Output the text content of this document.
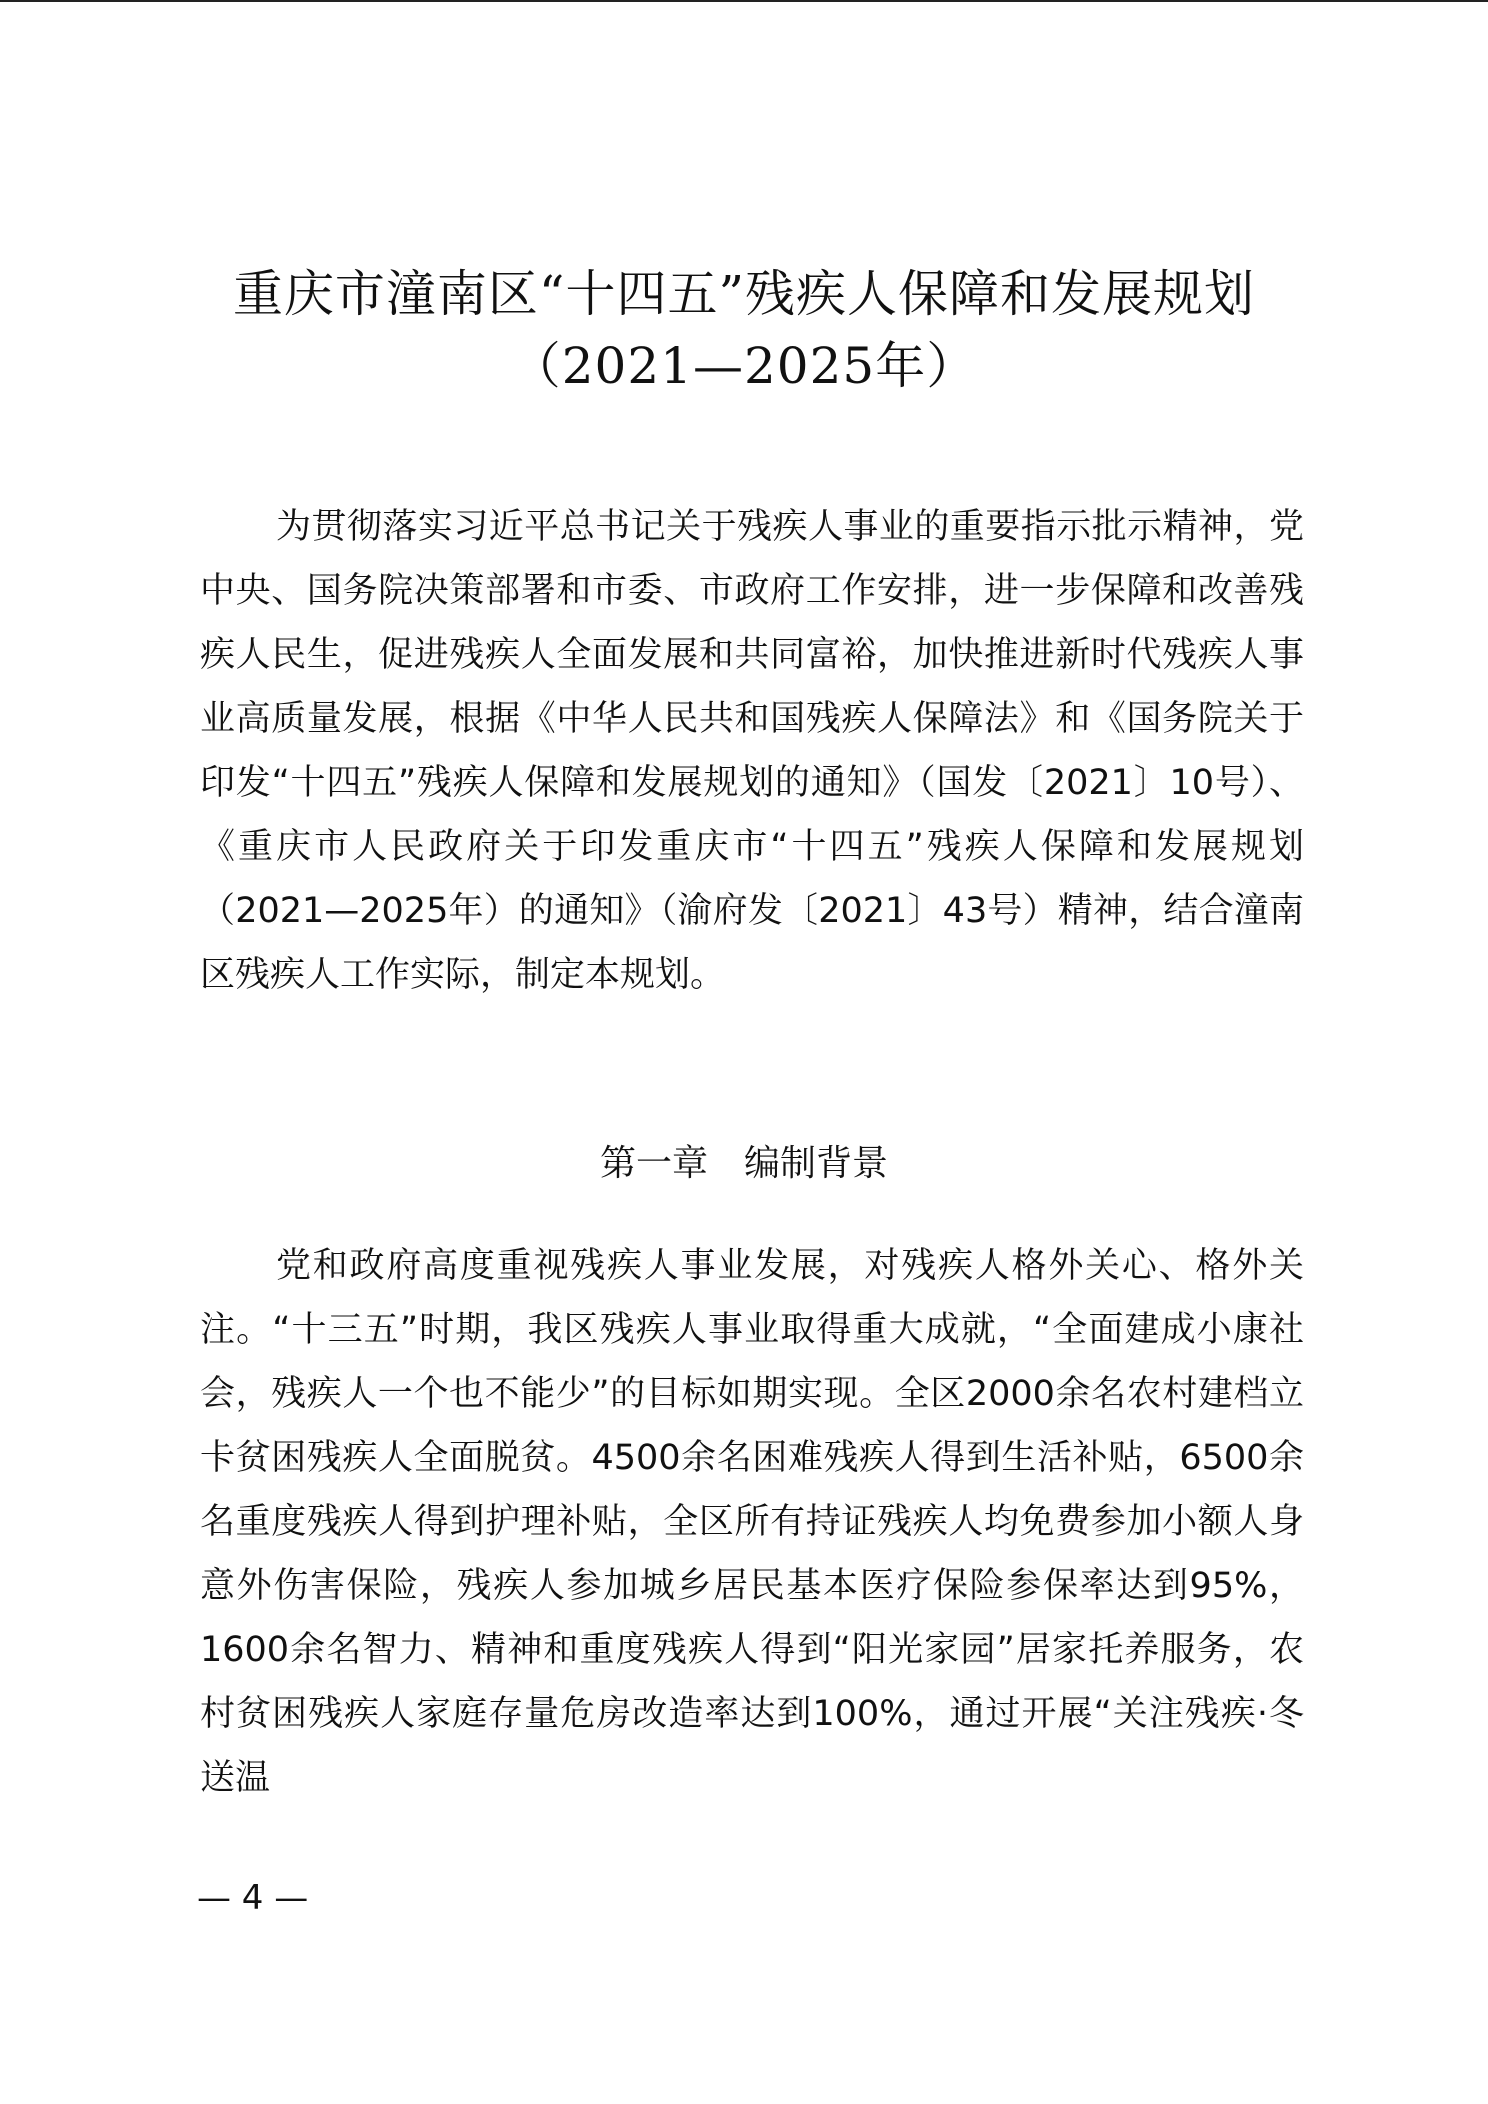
重庆市潼南区“十四五”残疾人保障和发展规划
（2021—2025年）

为贯彻落实习近平总书记关于残疾人事业的重要指示批示精神，党中央、国务院决策部署和市委、市政府工作安排，进一步保障和改善残疾人民生，促进残疾人全面发展和共同富裕，加快推进新时代残疾人事业高质量发展，根据《中华人民共和国残疾人保障法》和《国务院关于印发“十四五”残疾人保障和发展规划的通知》（国发〔2021〕10号）、《重庆市人民政府关于印发重庆市“十四五”残疾人保障和发展规划（2021—2025年）的通知》（渝府发〔2021〕43号）精神，结合潼南区残疾人工作实际，制定本规划。

第一章　编制背景

党和政府高度重视残疾人事业发展，对残疾人格外关心、格外关注。“十三五”时期，我区残疾人事业取得重大成就，“全面建成小康社会，残疾人一个也不能少”的目标如期实现。全区2000余名农村建档立卡贫困残疾人全面脱贫。4500余名困难残疾人得到生活补贴，6500余名重度残疾人得到护理补贴，全区所有持证残疾人均免费参加小额人身意外伤害保险，残疾人参加城乡居民基本医疗保险参保率达到95%，1600余名智力、精神和重度残疾人得到“阳光家园”居家托养服务，农村贫困残疾人家庭存量危房改造率达到100%，通过开展“关注残疾·冬送温

— 4 —
